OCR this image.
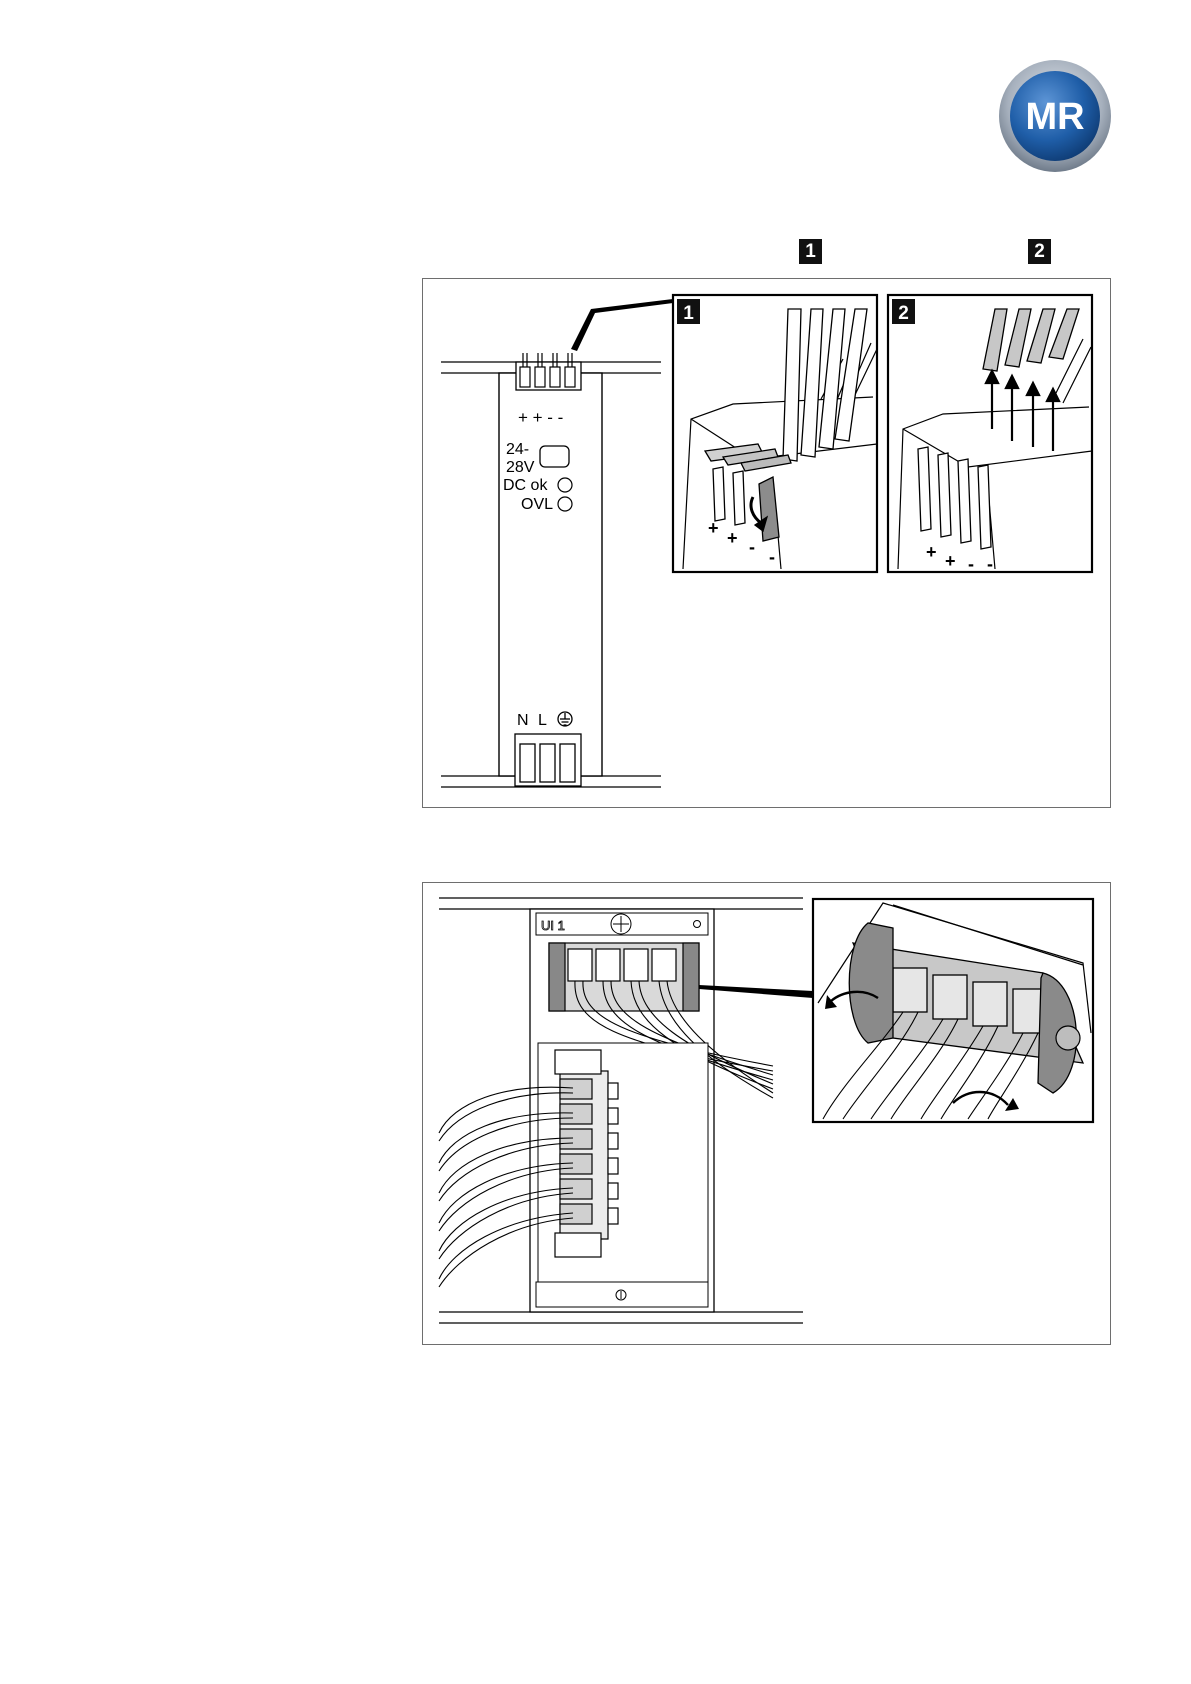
MR
1	2
+ + - -
24-
28V
DC ok
OVL
N L
1
+ + - -
2
+ + - -
UI 1
